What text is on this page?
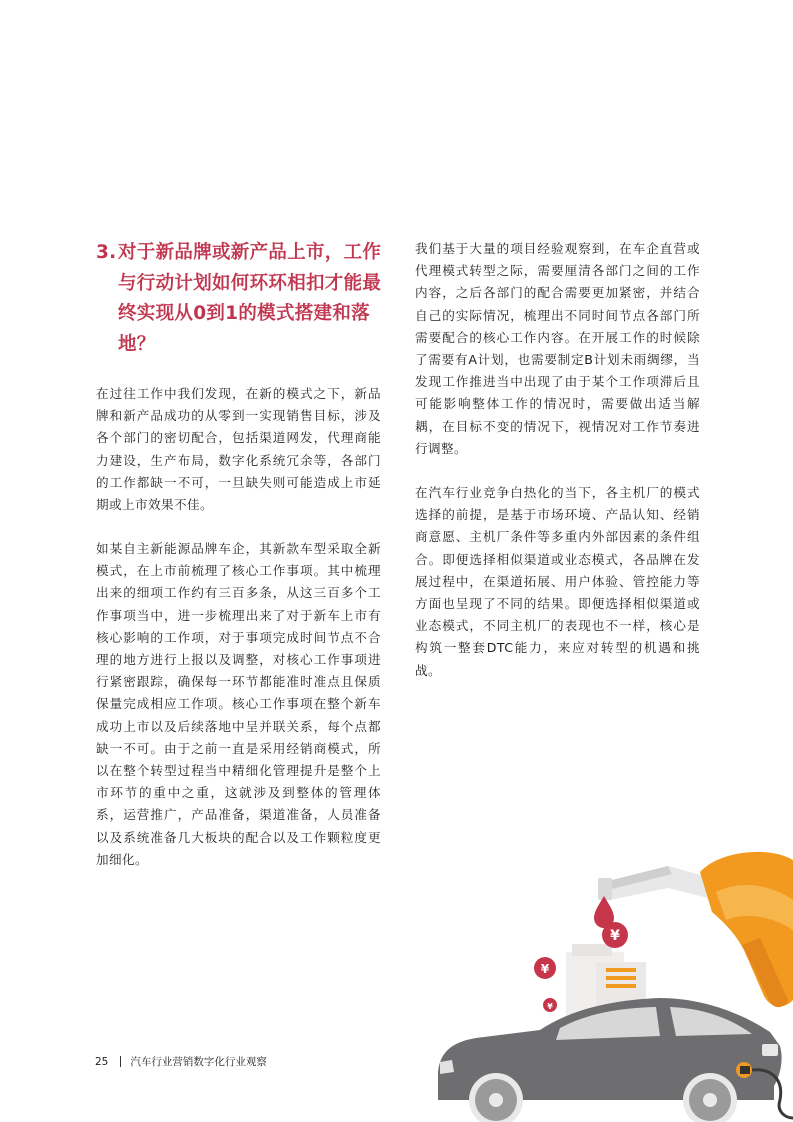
3. 对于新品牌或新产品上市，工作与行动计划如何环环相扣才能最终实现从0到1的模式搭建和落地？

在过往工作中我们发现，在新的模式之下，新品牌和新产品成功的从零到一实现销售目标，涉及各个部门的密切配合，包括渠道网发，代理商能力建设，生产布局，数字化系统冗余等，各部门的工作都缺一不可，一旦缺失则可能造成上市延期或上市效果不佳。

如某自主新能源品牌车企，其新款车型采取全新模式，在上市前梳理了核心工作事项。其中梳理出来的细项工作约有三百多条，从这三百多个工作事项当中，进一步梳理出来了对于新车上市有核心影响的工作项，对于事项完成时间节点不合理的地方进行上报以及调整，对核心工作事项进行紧密跟踪，确保每一环节都能准时准点且保质保量完成相应工作项。核心工作事项在整个新车成功上市以及后续落地中呈并联关系，每个点都缺一不可。由于之前一直是采用经销商模式，所以在整个转型过程当中精细化管理提升是整个上市环节的重中之重，这就涉及到整体的管理体系，运营推广，产品准备，渠道准备，人员准备以及系统准备几大板块的配合以及工作颗粒度更加细化。

我们基于大量的项目经验观察到，在车企直营或代理模式转型之际，需要厘清各部门之间的工作内容，之后各部门的配合需要更加紧密，并结合自己的实际情况，梳理出不同时间节点各部门所需要配合的核心工作内容。在开展工作的时候除了需要有A计划，也需要制定B计划未雨绸缪，当发现工作推进当中出现了由于某个工作项滞后且可能影响整体工作的情况时，需要做出适当解耦，在目标不变的情况下，视情况对工作节奏进行调整。

在汽车行业竞争白热化的当下，各主机厂的模式选择的前提，是基于市场环境、产品认知、经销商意愿、主机厂条件等多重内外部因素的条件组合。即便选择相似渠道或业态模式，各品牌在发展过程中，在渠道拓展、用户体验、管控能力等方面也呈现了不同的结果。即便选择相似渠道或业态模式，不同主机厂的表现也不一样，核心是构筑一整套DTC能力，来应对转型的机遇和挑战。

25 汽车行业营销数字化行业观察
¥
¥
¥
